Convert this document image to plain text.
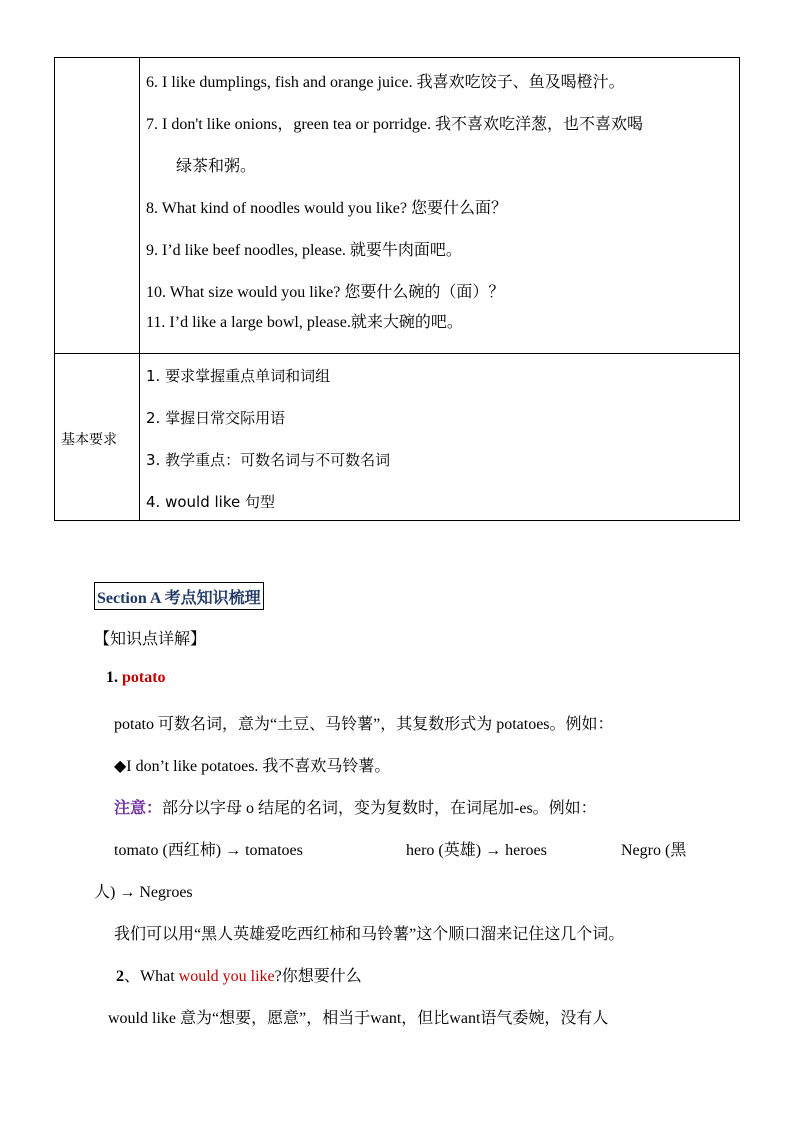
6. I like dumplings, fish and orange juice. 我喜欢吃饺子、鱼及喝橙汁。
7. I don't like onions，green tea or porridge. 我不喜欢吃洋葱，也不喜欢喝
绿茶和粥。
8. What kind of noodles would you like? 您要什么面？
9. I’d like beef noodles, please. 就要牛肉面吧。
10. What size would you like? 您要什么碗的（面）？
11. I’d like a large bowl, please.就来大碗的吧。
基本要求
1. 要求掌握重点单词和词组
2. 掌握日常交际用语
3. 教学重点：可数名词与不可数名词
4. would like 句型
Section A 考点知识梳理
【知识点详解】
1. potato
potato 可数名词，意为“土豆、马铃薯”，其复数形式为 potatoes。例如：
◆I don’t like potatoes. 我不喜欢马铃薯。
注意：部分以字母 o 结尾的名词，变为复数时，在词尾加-es。例如：
tomato (西红柿) → tomatoes	hero (英雄) → heroes	Negro (黑
人) → Negroes
我们可以用“黑人英雄爱吃西红柿和马铃薯”这个顺口溜来记住这几个词。
2、What would you like?你想要什么
would like 意为“想要，愿意”，相当于want，但比want语气委婉，没有人
